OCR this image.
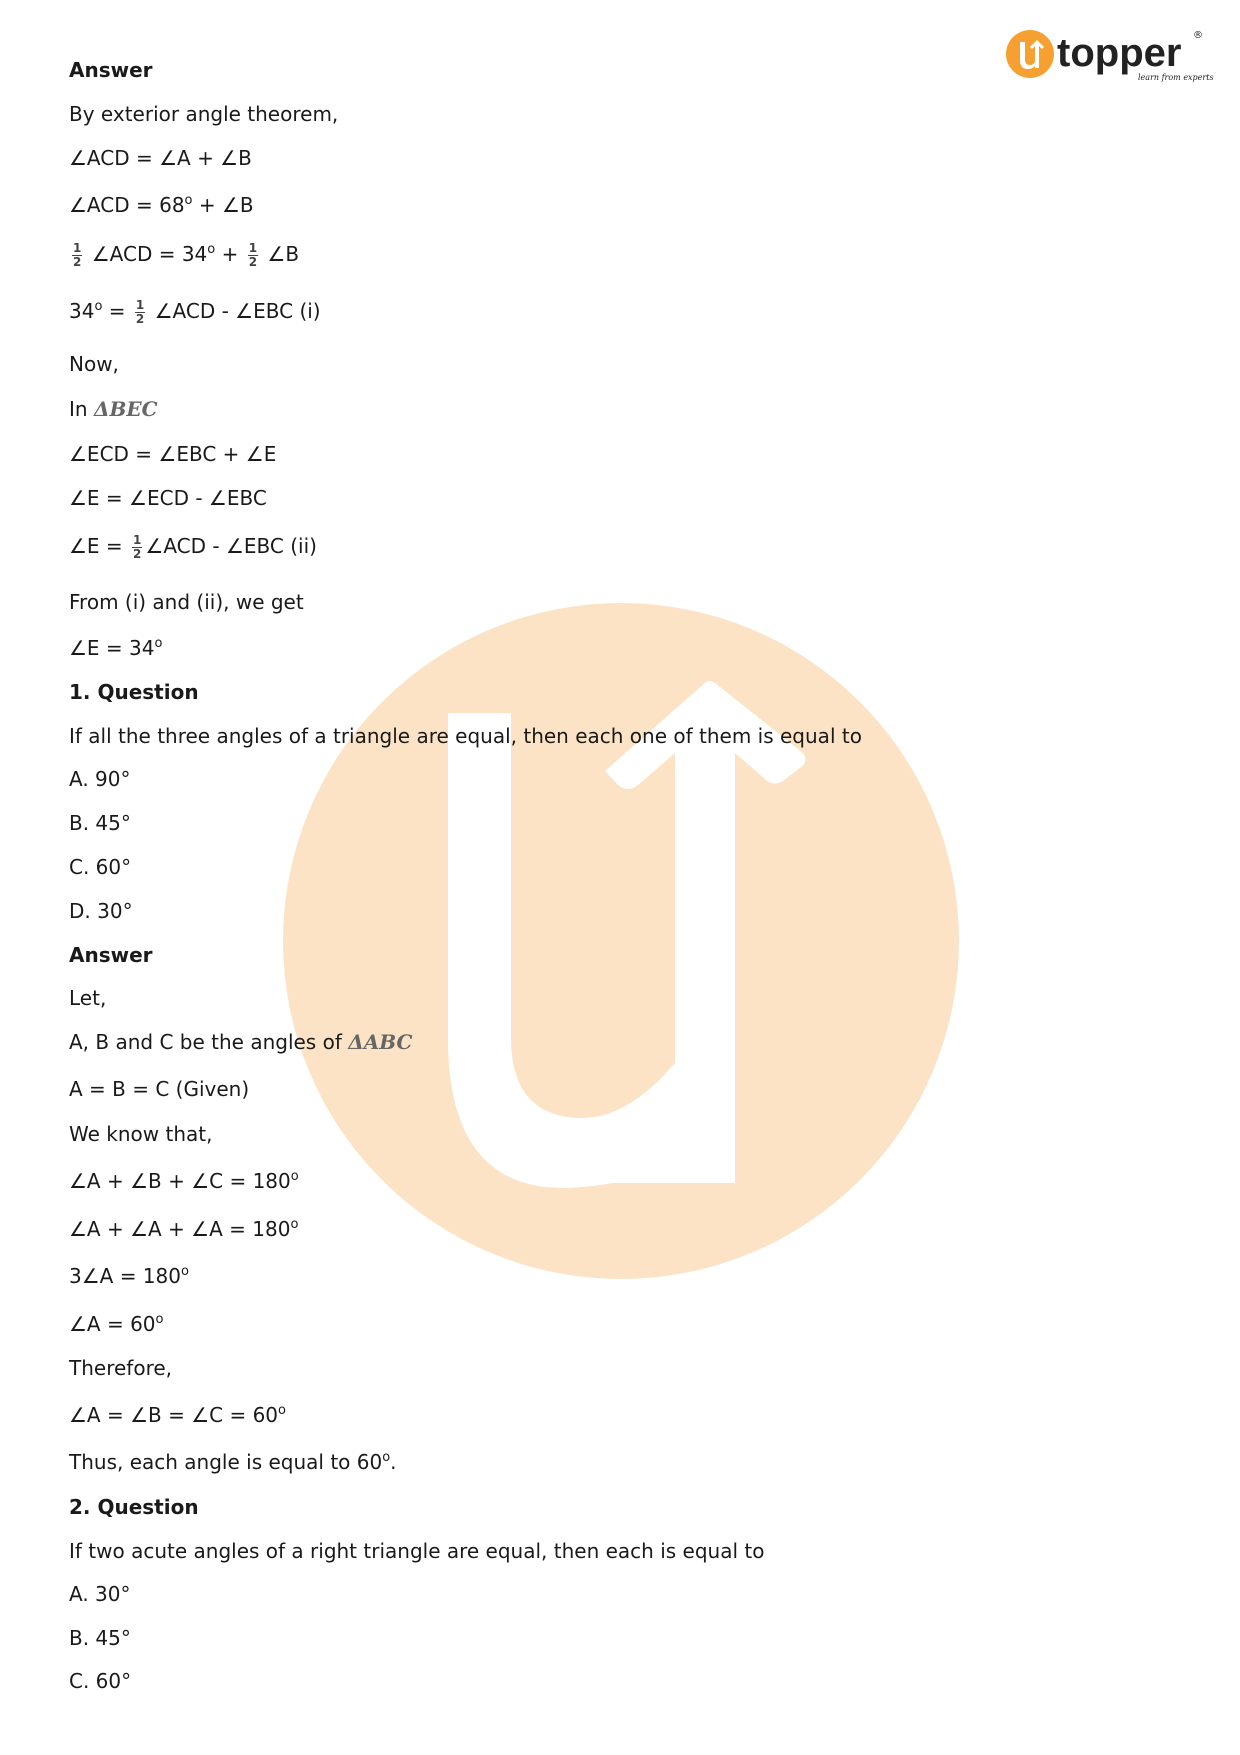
topper
learn from experts
®
Answer
By exterior angle theorem,
∠ACD = ∠A + ∠B
∠ACD = $68^o$ + ∠B
$\frac{1}{2}$ ∠ACD = $34^o + \frac{1}{2}$ ∠B
$34^o = \frac{1}{2}$ ∠ACD - ∠EBC (i)
Now,
In ΔBEC
∠ECD = ∠EBC + ∠E
∠E = ∠ECD - ∠EBC
∠E = $\frac{1}{2}$ ∠ACD - ∠EBC (ii)
From (i) and (ii), we get
∠E = $34^o$
1. Question
If all the three angles of a triangle are equal, then each one of them is equal to
A. 90°
B. 45°
C. 60°
D. 30°
Answer
Let,
A, B and C be the angles of ΔABC
A = B = C (Given)
We know that,
∠A + ∠B + ∠C = $180^o$
∠A + ∠A + ∠A = $180^o$
3∠A = $180^o$
∠A = $60^o$
Therefore,
∠A = ∠B = ∠C = $60^o$
Thus, each angle is equal to 60$^o$.
2. Question
If two acute angles of a right triangle are equal, then each is equal to
A. 30°
B. 45°
C. 60°
